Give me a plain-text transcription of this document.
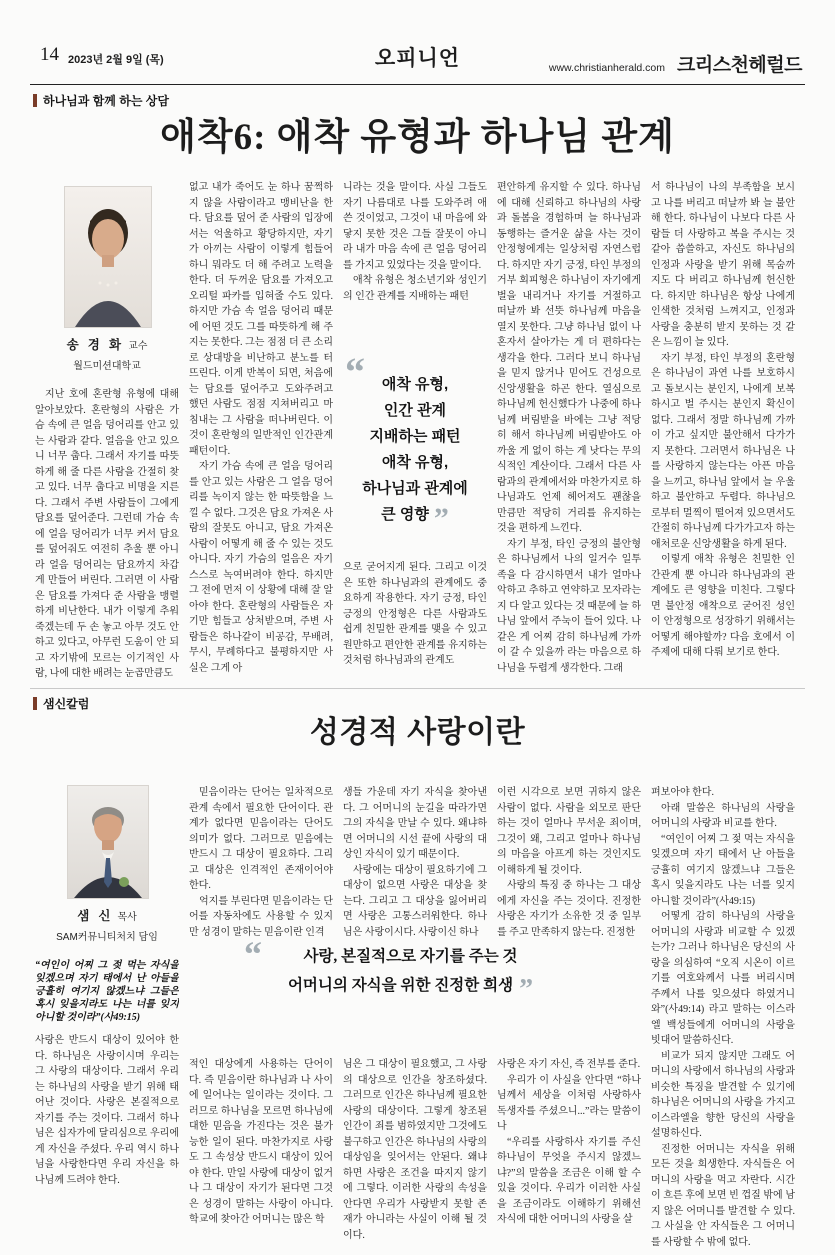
14 2023년 2월 9일 (목)	오피니언	www.christianherald.com 크리스천헤럴드
하나님과 함께 하는 상담
애착6: 애착 유형과 하나님 관계
송 경 화 교수
월드미션대학교

지난 호에 혼란형 유형에 대해 알아보았다. 혼란형의 사람은 가슴 속에 큰 얼음 덩어리를 안고 있는 사람과 같다. 얼음을 안고 있으니 너무 춥다. 그래서 자기를 따뜻하게 해 줄 다른 사람을 간절히 찾고 있다. 너무 춥다고 비명을 지른다. 그래서 주변 사람들이 그에게 담요를 덮어준다. 그런데 가슴 속에 얼음 덩어리가 너무 커서 담요를 덮어줘도 여전히 추울 뿐 아니라 얼음 덩어리는 담요까지 차갑게 만들어 버린다. 그러면 이 사람은 담요를 가져다 준 사람을 맹렬하게 비난한다. 내가 이렇게 추워 죽겠는데 두 손 놓고 아무 것도 안 하고 있다고, 아무런 도움이 안 되고 자기밖에 모르는 이기적인 사람, 나에 대한 배려는 눈곱만큼도

없고 내가 죽어도 눈 하나 꿈쩍하지 않을 사람이라고 맹비난을 한다. 담요를 덮어 준 사람의 입장에서는 억울하고 황당하지만, 자기가 아끼는 사람이 이렇게 힘들어하니 뭐라도 더 해 주려고 노력을 한다. 더 두꺼운 담요를 가져오고 오리털 파카를 입혀줄 수도 있다. 하지만 가슴 속 얼음 덩어리 때문에 어떤 것도 그를 따뜻하게 해 주지는 못한다. 그는 점점 더 큰 소리로 상대방을 비난하고 분노를 터뜨린다. 이게 반복이 되면, 처음에는 담요를 덮어주고 도와주려고 했던 사람도 점점 지쳐버리고 마침내는 그 사람을 떠나버린다. 이것이 혼란형의 일반적인 인간관계 패턴이다.

자기 가슴 속에 큰 얼음 덩어리를 안고 있는 사람은 그 얼음 덩어리를 녹이지 않는 한 따뜻함을 느낄 수 없다. 그것은 담요 가져온 사람의 잘못도 아니고, 담요 가져온 사람이 어떻게 해 줄 수 있는 것도 아니다. 자기 가슴의 얼음은 자기 스스로 녹여버려야 한다. 하지만 그 전에 먼저 이 상황에 대해 잘 알아야 한다. 혼란형의 사람들은 자기만 힘들고 상처받으며, 주변 사람들은 하나같이 비공감, 무배려, 무시, 무례하다고 불평하지만 사실은 그게 아

니라는 것을 말이다. 사실 그들도 자기 나름대로 나를 도와주려 애쓴 것이었고, 그것이 내 마음에 와닿지 못한 것은 그들 잘못이 아니라 내가 마음 속에 큰 얼음 덩어리를 가지고 있었다는 것을 말이다.

애착 유형은 청소년기와 성인기의 인간 관계를 지배하는 패턴

“	애착 유형,
인간 관계
지배하는 패턴
애착 유형,
하나님과 관계에
큰 영향 ”

으로 굳어지게 된다. 그리고 이것은 또한 하나님과의 관계에도 중요하게 작용한다. 자기 긍정, 타인 긍정의 안정형은 다른 사람과도 쉽게 친밀한 관계를 맺을 수 있고 원만하고 편안한 관계를 유지하는 것처럼 하나님과의 관계도

편안하게 유지할 수 있다. 하나님에 대해 신뢰하고 하나님의 사랑과 돌봄을 경험하며 늘 하나님과 동행하는 즐거운 삶을 사는 것이 안정형에게는 일상처럼 자연스럽다. 하지만 자기 긍정, 타인 부정의 거부 회피형은 하나님이 자기에게 벌을 내리거나 자기를 거절하고 떠날까 봐 선뜻 하나님께 마음을 열지 못한다. 그냥 하나님 없이 나 혼자서 살아가는 게 더 편하다는 생각을 한다. 그러다 보니 하나님을 믿지 않거나 믿어도 건성으로 신앙생활을 하곤 한다. 열심으로 하나님께 헌신했다가 나중에 하나님께 버림받을 바에는 그냥 적당히 해서 하나님께 버림받아도 아까울 게 없이 하는 게 낫다는 무의식적인 계산이다. 그래서 다른 사람과의 관계에서와 마찬가지로 하나님과도 언제 헤어져도 괜찮을 만큼만 적당히 거리를 유지하는 것을 편하게 느낀다.

자기 부정, 타인 긍정의 불안형은 하나님께서 나의 일거수 일투족을 다 감시하면서 내가 얼마나 악하고 추하고 연약하고 모자라는지 다 알고 있다는 것 때문에 늘 하나님 앞에서 주눅이 들어 있다. 나 같은 게 어찌 감히 하나님께 가까이 갈 수 있을까 라는 마음으로 하나님을 두렵게 생각한다. 그래

서 하나님이 나의 부족함을 보시고 나를 버리고 떠날까 봐 늘 불안해 한다. 하나님이 나보다 다른 사람들 더 사랑하고 복을 주시는 것 같아 씁쓸하고, 자신도 하나님의 인정과 사랑을 받기 위해 목숨까지도 다 버리고 하나님께 헌신한다. 하지만 하나님은 항상 나에게 인색한 것처럼 느껴지고, 인정과 사랑을 충분히 받지 못하는 것 같은 느낌이 늘 있다.

자기 부정, 타인 부정의 혼란형은 하나님이 과연 나를 보호하시고 돌보시는 분인지, 나에게 보복하시고 벌 주시는 분인지 확신이 없다. 그래서 정말 하나님께 가까이 가고 싶지만 불안해서 다가가지 못한다. 그러면서 하나님은 나를 사랑하지 않는다는 아픈 마음을 느끼고, 하나님 앞에서 늘 우울하고 불안하고 두렵다. 하나님으로부터 멀찍이 떨어져 있으면서도 간절히 하나님께 다가가고자 하는 애처로운 신앙생활을 하게 된다.

이렇게 애착 유형은 친밀한 인간관계 뿐 아니라 하나님과의 관계에도 큰 영향을 미친다. 그렇다면 불안정 애착으로 굳어진 성인이 안정형으로 성장하기 위해서는 어떻게 해야할까? 다음 호에서 이 주제에 대해 다뤄 보기로 한다.

샘신칼럼
성경적 사랑이란
샘 신 목사
SAM커뮤니티처치 담임
“여인이 어찌 그 젖 먹는 자식을 잊겠으며 자기 태에서 난 아들을 긍휼히 여기지 않겠느냐 그들은 혹시 잊을지라도 나는 너를 잊지 아니할 것이라”(사49:15)

사랑은 반드시 대상이 있어야 한다. 하나님은 사랑이시며 우리는 그 사랑의 대상이다. 그래서 우리는 하나님의 사랑을 받기 위해 태어난 것이다. 사랑은 본질적으로 자기를 주는 것이다. 그래서 하나님은 십자가에 달리심으로 우리에게 자신을 주셨다. 우리 역시 하나님을 사랑한다면 우리 자신을 하나님께 드려야 한다.

믿음이라는 단어는 일차적으로 관계 속에서 필요한 단어이다. 관계가 없다면 믿음이라는 단어도 의미가 없다. 그러므로 믿음에는 반드시 그 대상이 필요하다. 그리고 대상은 인격적인 존재이어야 한다.

억지를 부린다면 믿음이라는 단어를 자동차에도 사용할 수 있지만 성경이 말하는 믿음이란 인격

적인 대상에게 사용하는 단어이다. 즉 믿음이란 하나님과 나 사이에 일어나는 일이라는 것이다. 그러므로 하나님을 모르면 하나님에 대한 믿음을 가진다는 것은 불가능한 일이 된다. 마찬가지로 사랑도 그 속성상 반드시 대상이 있어야 한다. 만일 사랑에 대상이 없거나 그 대상이 자기가 된다면 그것은 성경이 말하는 사랑이 아니다. 학교에 찾아간 어머니는 많은 학

생들 가운데 자기 자식을 찾아낸다. 그 어머니의 눈길을 따라가면 그의 자식을 만날 수 있다. 왜냐하면 어머니의 시선 끝에 사랑의 대상인 자식이 있기 때문이다.

사랑에는 대상이 필요하기에 그 대상이 없으면 사랑은 대상을 찾는다. 그리고 그 대상을 잃어버리면 사랑은 고통스러워한다. 하나님은 사랑이시다. 사랑이신 하나

님은 그 대상이 필요했고, 그 사랑의 대상으로 인간을 창조하셨다. 그러므로 인간은 하나님께 필요한 사랑의 대상이다. 그렇게 창조된 인간이 죄를 범하였지만 그것에도 불구하고 인간은 하나님의 사랑의 대상임을 잊어서는 안된다. 왜냐하면 사랑은 조건을 따지지 않기에 그렇다. 이러한 사랑의 속성을 안다면 우리가 사랑받지 못할 존재가 아니라는 사실이 이해 될 것이다.

“	사랑, 본질적으로 자기를 주는 것
어머니의 자식을 위한 진정한 희생 ”

이런 시각으로 보면 귀하지 않은 사람이 없다. 사람을 외모로 판단하는 것이 얼마나 무서운 죄이며, 그것이 왜, 그리고 얼마나 하나님의 마음을 아프게 하는 것인지도 이해하게 될 것이다.

사랑의 특징 중 하나는 그 대상에게 자신을 주는 것이다. 진정한 사랑은 자기가 소유한 것 중 일부를 주고 만족하지 않는다. 진정한

사랑은 자기 자신, 즉 전부를 준다.

우리가 이 사실을 안다면 “하나님께서 세상을 이처럼 사랑하사 독생자를 주셨으니...”라는 말씀이나

“우리를 사랑하사 자기를 주신 하나님이 무엇을 주시지 않겠느냐?”의 말씀을 조금은 이해 할 수 있을 것이다. 우리가 이러한 사실을 조금이라도 이해하기 위해선 자식에 대한 어머니의 사랑을 살

펴보아야 한다.

아래 말씀은 하나님의 사랑을 어머니의 사랑과 비교를 한다.

“여인이 어찌 그 젖 먹는 자식을 잊겠으며 자기 태에서 난 아들을 긍휼히 여기지 않겠느냐 그들은 혹시 잊을지라도 나는 너를 잊지 아니할 것이라”(사49:15)

어떻게 감히 하나님의 사랑을 어머니의 사랑과 비교할 수 있겠는가? 그러나 하나님은 당신의 사랑을 의심하여 “오직 시온이 이르기를 여호와께서 나를 버리시며 주께서 나를 잊으셨다 하였거니와”(사49:14) 라고 말하는 이스라엘 백성들에게 어머니의 사랑을 빗대어 말씀하신다.

비교가 되지 않지만 그래도 어머니의 사랑에서 하나님의 사랑과 비슷한 특징을 발견할 수 있기에 하나님은 어머니의 사랑을 가지고 이스라엘을 향한 당신의 사랑을 설명하신다.

진정한 어머니는 자식을 위해 모든 것을 희생한다. 자식들은 어머니의 사랑을 먹고 자란다. 시간이 흐른 후에 보면 빈 껍질 밖에 남지 않은 어머니를 발견할 수 있다. 그 사실을 안 자식들은 그 어머니를 사랑할 수 밖에 없다.
